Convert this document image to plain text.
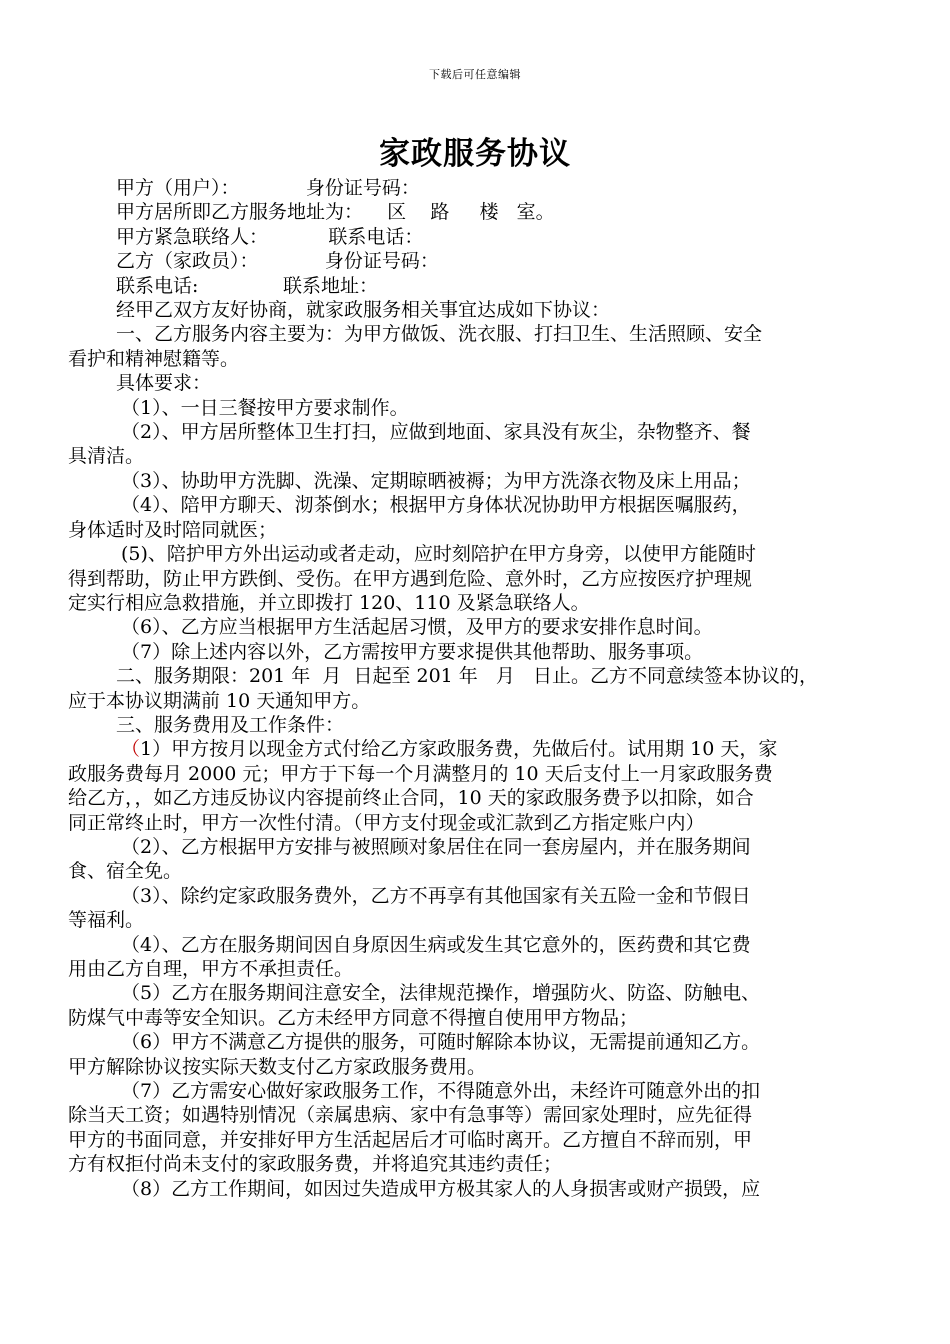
下载后可任意编辑
家政服务协议

甲方（用户）：           身份证号码：

甲方居所即乙方服务地址为：    区    路     楼   室。

甲方紧急联络人：          联系电话：

乙方（家政员）：           身份证号码：

联系电话:              联系地址：

经甲乙双方友好协商，就家政服务相关事宜达成如下协议：

一、乙方服务内容主要为：为甲方做饭、洗衣服、打扫卫生、生活照顾、安全

看护和精神慰籍等。

具体要求：

（1）、一日三餐按甲方要求制作。

（2）、甲方居所整体卫生打扫，应做到地面、家具没有灰尘，杂物整齐、餐

具清洁。

（3）、协助甲方洗脚、洗澡、定期晾晒被褥；为甲方洗涤衣物及床上用品；

（4）、陪甲方聊天、沏茶倒水；根据甲方身体状况协助甲方根据医嘱服药，

身体适时及时陪同就医；

(5)、陪护甲方外出运动或者走动，应时刻陪护在甲方身旁，以使甲方能随时

得到帮助，防止甲方跌倒、受伤。在甲方遇到危险、意外时，乙方应按医疗护理规

定实行相应急救措施，并立即拨打 120、110 及紧急联络人。

（6）、乙方应当根据甲方生活起居习惯，及甲方的要求安排作息时间。

（7）除上述内容以外，乙方需按甲方要求提供其他帮助、服务事项。

二、服务期限：201 年  月  日起至 201 年   月   日止。乙方不同意续签本协议的，

应于本协议期满前 10 天通知甲方。

三、服务费用及工作条件：

（1）甲方按月以现金方式付给乙方家政服务费，先做后付。试用期 10 天，家

政服务费每月 2000 元；甲方于下每一个月满整月的 10 天后支付上一月家政服务费

给乙方，，如乙方违反协议内容提前终止合同，10 天的家政服务费予以扣除，如合

同正常终止时，甲方一次性付清。（甲方支付现金或汇款到乙方指定账户内）

（2）、乙方根据甲方安排与被照顾对象居住在同一套房屋内，并在服务期间

食、宿全免。

（3）、除约定家政服务费外，乙方不再享有其他国家有关五险一金和节假日

等福利。

（4）、乙方在服务期间因自身原因生病或发生其它意外的，医药费和其它费

用由乙方自理，甲方不承担责任。

（5）乙方在服务期间注意安全，法律规范操作，增强防火、防盗、防触电、

防煤气中毒等安全知识。乙方未经甲方同意不得擅自使用甲方物品；

（6）甲方不满意乙方提供的服务，可随时解除本协议，无需提前通知乙方。

甲方解除协议按实际天数支付乙方家政服务费用。

（7）乙方需安心做好家政服务工作，不得随意外出，未经许可随意外出的扣

除当天工资；如遇特别情况（亲属患病、家中有急事等）需回家处理时，应先征得

甲方的书面同意，并安排好甲方生活起居后才可临时离开。乙方擅自不辞而别，甲

方有权拒付尚未支付的家政服务费，并将追究其违约责任；

（8）乙方工作期间，如因过失造成甲方极其家人的人身损害或财产损毁，应
